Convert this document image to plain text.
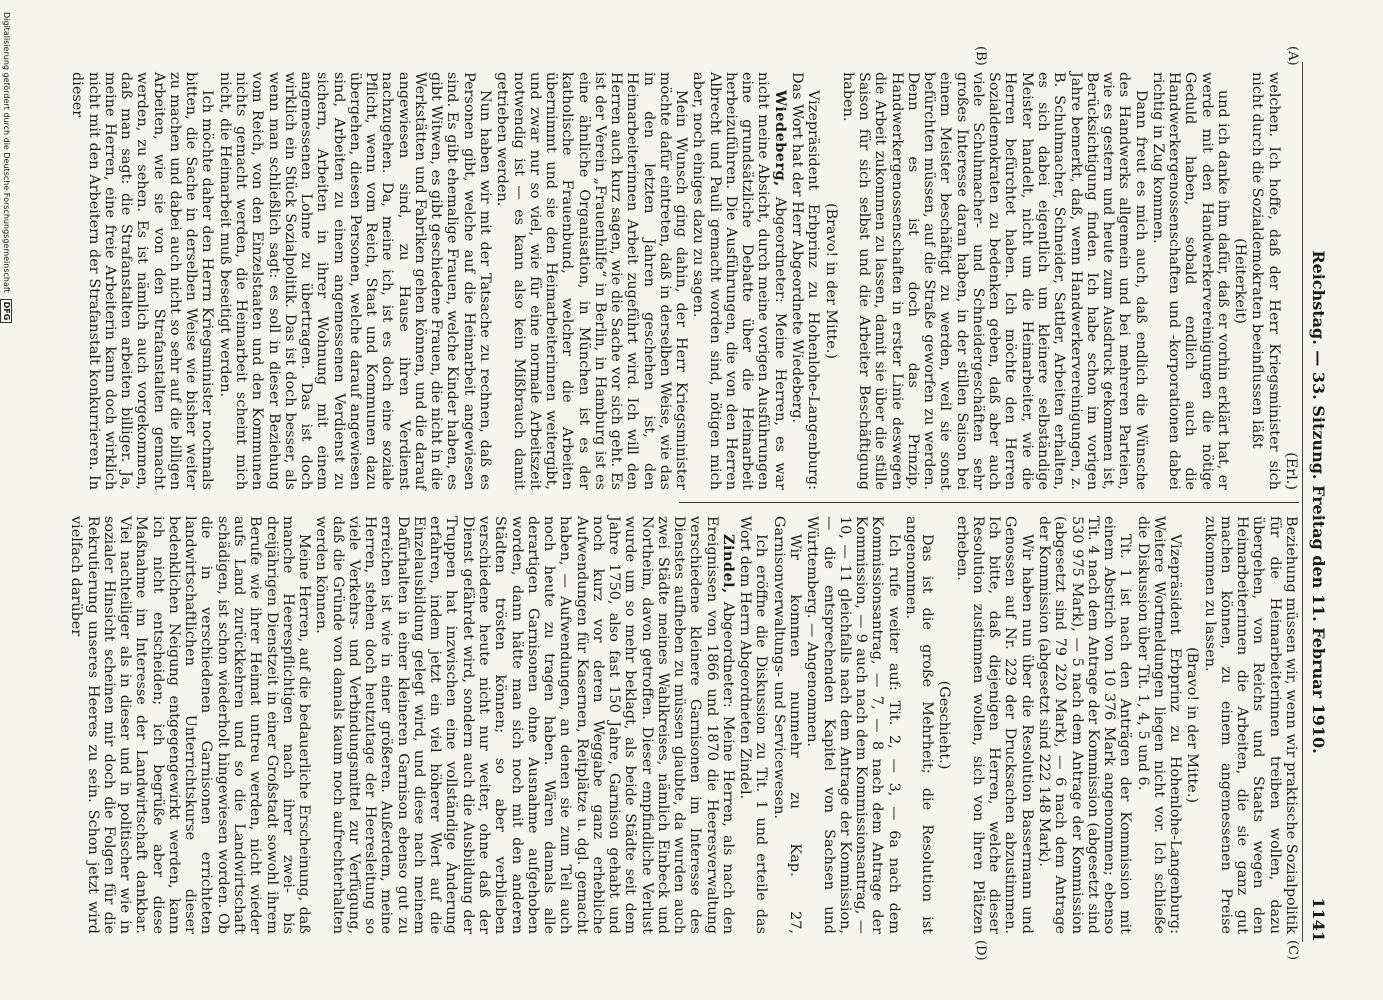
Reichstag. — 33. Sitzung. Freitag den 11. Februar 1910.
1141
(A)
(B)
(C)
(D)

(Erl.)

welchen. Ich hoffe, daß der Herr Kriegsminister sich nicht durch die Sozialdemokraten beeinflussen läßt

(Heiterkeit)

und ich danke ihm dafür, daß er vorhin erklärt hat, er werde mit den Handwerkervereinigungen die nötige Geduld haben, sobald endlich auch die Handwerkergenossenschaften und -korporationen dabei richtig in Zug kommen.

Dann freut es mich auch, daß endlich die Wünsche des Handwerks allgemein und bei mehreren Parteien, wie es gestern und heute zum Ausdruck gekommen ist, Berücksichtigung finden. Ich habe schon im vorigen Jahre bemerkt, daß, wenn Handwerkervereinigungen, z. B. Schuhmacher, Schneider, Sattler, Arbeiten erhalten, es sich dabei eigentlich um kleinere selbständige Meister handelt, nicht um die Heimarbeiter, wie die Herren befürchtet haben. Ich möchte den Herren Sozialdemokraten zu bedenken geben, daß aber auch viele Schuhmacher- und Schneidergeschäften sehr großes Interesse daran haben, in der stillen Saison bei einem Meister beschäftigt zu werden, weil sie sonst befürchten müssen, auf die Straße geworfen zu werden. Denn es ist doch das Prinzip, Handwerkergenossenschaften in erster Linie deswegen die Arbeit zukommen zu lassen, damit sie über die stille Saison für sich selbst und die Arbeiter Beschäftigung haben.

(Bravo! in der Mitte.)

Vizepräsident Erbprinz zu Hohenlohe-Langenburg: Das Wort hat der Herr Abgeordnete Wiedeberg.

Wiedeberg, Abgeordneter: Meine Herren, es war nicht meine Absicht, durch meine vorigen Ausführungen eine grundsätzliche Debatte über die Heimarbeit herbeizuführen. Die Ausführungen, die von den Herren Albrecht und Pauli gemacht worden sind, nötigen mich aber, noch einiges dazu zu sagen.

Mein Wunsch ging dahin, der Herr Kriegsminister möchte dafür eintreten, daß in derselben Weise, wie das in den letzten Jahren geschehen ist, den Heimarbeiterinnen Arbeit zugeführt wird. Ich will den Herren auch kurz sagen, wie die Sache vor sich geht. Es ist der Verein „Frauenhilfe“ in Berlin, in Hamburg ist es eine ähnliche Organisation, in München ist es der katholische Frauenbund, welcher die Arbeiten übernimmt und sie den Heimarbeiterinnen weitergibt, und zwar nur so viel, wie für eine normale Arbeitszeit notwendig ist — es kann also kein Mißbrauch damit getrieben werden.

Nun haben wir mit der Tatsache zu rechnen, daß es Personen gibt, welche auf die Heimarbeit angewiesen sind. Es gibt ehemalige Frauen, welche Kinder haben, es gibt Witwen, es gibt geschiedene Frauen, die nicht in die Werkstätten und Fabriken gehen können, und die darauf angewiesen sind, zu Hause ihren Verdienst nachzugehen. Da, meine ich, ist es doch eine soziale Pflicht, wenn vom Reich, Staat und Kommunen dazu übergehen, diesen Personen, welche darauf angewiesen sind, Arbeiten zu einem angemessenen Verdienst zu sichern, Arbeiten in ihrer Wohnung mit einem angemessenen Lohne zu übertragen. Das ist doch wirklich ein Stück Sozialpolitik. Das ist doch besser, als wenn man schließlich sagt: es soll in dieser Beziehung vom Reich, von den Einzelstaaten und den Kommunen nichts gemacht werden, die Heimarbeit scheint mich nicht, die Heimarbeit muß beseitigt werden.

Ich möchte daher den Herrn Kriegsminister nochmals bitten, die Sache in derselben Weise wie bisher weiter zu machen und dabei auch nicht so sehr auf die billigen Arbeiten, wie sie von den Strafanstalten gemacht werden, zu sehen. Es ist nämlich auch vorgekommen, daß man sagt: die Strafanstalten arbeiten billiger. Ja, meine Herren, eine freie Arbeiterin kann doch wirklich nicht mit den Arbeitern der Strafanstalt konkurrieren. In dieser

Beziehung müssen wir, wenn wir praktische Sozialpolitik für die Heimarbeiterinnen treiben wollen, dazu übergehen, von Reichs und Staats wegen den Heimarbeiterinnen die Arbeiten, die sie ganz gut machen können, zu einem angemessenen Preise zukommen zu lassen.

(Bravo! in der Mitte.)

Vizepräsident Erbprinz zu Hohenlohe-Langenburg: Weitere Wortmeldungen liegen nicht vor. Ich schließe die Diskussion über Tit. 1, 4, 5 und 6.

Tit. 1 ist nach den Anträgen der Kommission mit einem Abstrich von 10 376 Mark angenommen; ebenso Tit. 4 nach dem Antrage der Kommission (abgesetzt sind 530 975 Mark), — 5 nach dem Antrage der Kommission (abgesetzt sind 79 220 Mark), — 6 nach dem Antrage der Kommission (abgesetzt sind 222 148 Mark).

Wir haben nun über die Resolution Bassermann und Genossen auf Nr. 229 der Drucksachen abzustimmen. Ich bitte, daß diejenigen Herren, welche dieser Resolution zustimmen wollen, sich von ihren Plätzen erheben.

(Geschieht.)

Das ist die große Mehrheit; die Resolution ist angenommen.

Ich rufe weiter auf: Tit. 2, — 3, — 6a nach dem Kommissionsantrag, — 7, — 8 nach dem Antrage der Kommission, — 9 auch nach dem Kommissionsantrag, — 10, — 11 gleichfalls nach dem Antrage der Kommission, — die entsprechenden Kapitel von Sachsen und Württemberg. — Angenommen.

Wir kommen nunmehr zu Kap. 27, Garnisonverwaltungs- und Servicewesen.

Ich eröffne die Diskussion zu Tit. 1 und erteile das Wort dem Herrn Abgeordneten Zindel.

Zindel, Abgeordneter: Meine Herren, als nach den Ereignissen von 1866 und 1870 die Heeresverwaltung verschiedene kleinere Garnisonen im Interesse des Dienstes aufheben zu müssen glaubte, da wurden auch zwei Städte meines Wahlkreises, nämlich Einbeck und Northeim, davon getroffen. Dieser empfindliche Verlust wurde um so mehr beklagt, als beide Städte seit dem Jahre 1750, also fast 150 Jahre, Garnison gehabt und noch kurz vor deren Weggabe ganz erhebliche Aufwendungen für Kasernen, Reitplätze u. dgl. gemacht haben, — Aufwendungen, an denen sie zum Teil auch noch heute zu tragen haben. Wären damals alle derartigen Garnisonen ohne Ausnahme aufgehoben worden, dann hätte man sich noch mit den anderen Städten trösten können; so aber verblieben verschiedene heute nicht nur weiter, ohne daß der Dienst gefährdet wird, sondern auch die Ausbildung der Truppen hat inzwischen eine vollständige Änderung erfahren, indem jetzt ein viel höherer Wert auf die Einzelausbildung gelegt wird, und diese nach meinem Dafürhalten in einer kleineren Garnison ebenso gut zu erreichen ist wie in einer größeren. Außerdem, meine Herren, stehen doch heutzutage der Heeresleitung so viele Verkehrs- und Verbindungsmittel zur Verfügung, daß die Gründe von damals kaum noch aufrechterhalten werden können.

Meine Herren, auf die bedauerliche Erscheinung, daß manche Heerespflichtigen nach ihrer zwei- bis dreijährigen Dienstzeit in einer Großstadt sowohl ihrem Berufe wie ihrer Heimat untreu werden, nicht wieder aufs Land zurückkehren und so die Landwirtschaft schädigen, ist schon wiederholt hingewiesen worden. Ob die in verschiedenen Garnisonen errichteten landwirtschaftlichen Unterrichtskurse dieser bedenklichen Neigung entgegengewirkt werden, kann ich nicht entscheiden; ich begrüße aber diese Maßnahme im Interesse der Landwirtschaft dankbar. Viel nachteiliger als in dieser und in politischer wie in sozialer Hinsicht scheinen mir doch die Folgen für die Rekrutierung unseres Heeres zu sein. Schon jetzt wird vielfach darüber

Digitalisierung gefördert durch die Deutsche Forschungsgemeinschaft
DFG
